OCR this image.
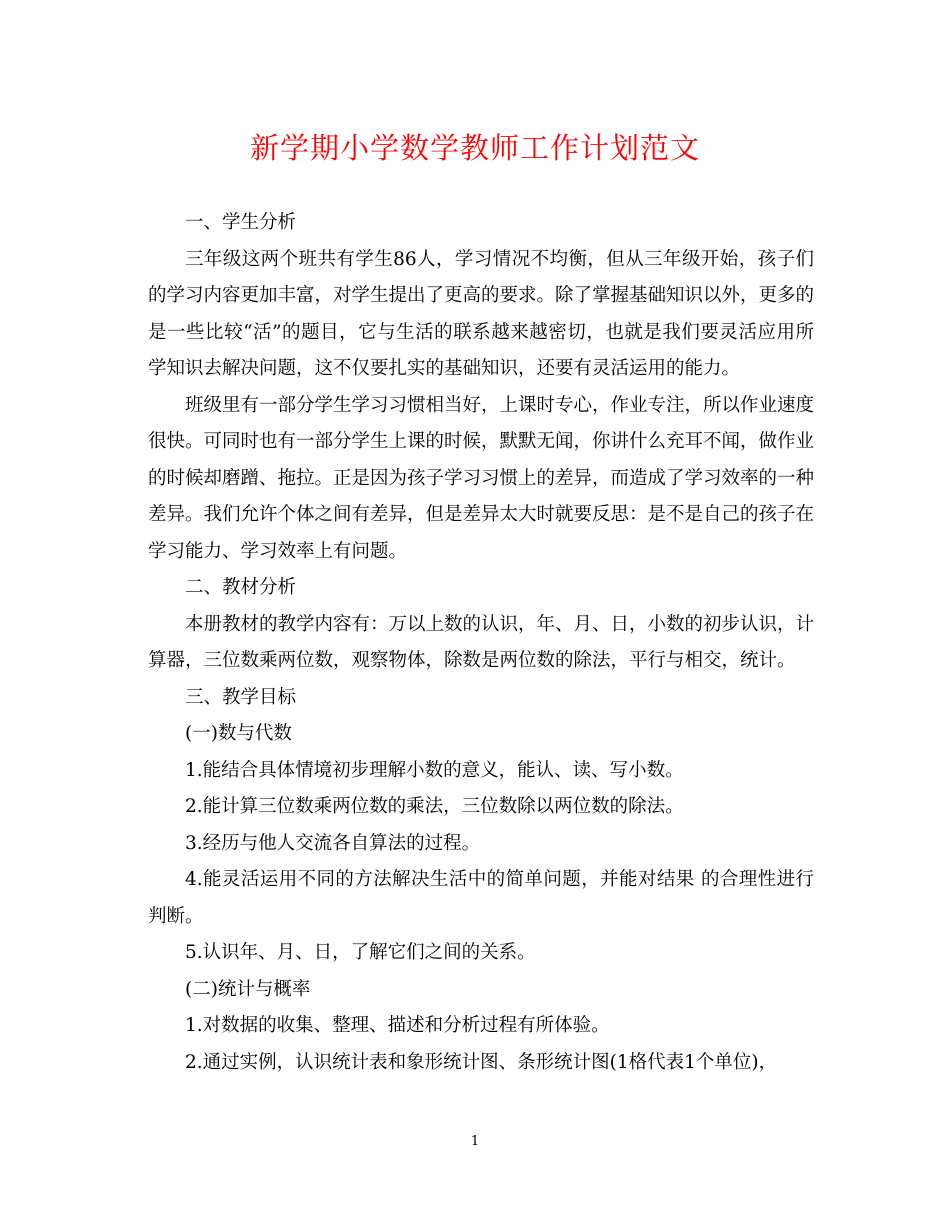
新学期小学数学教师工作计划范文

一、学生分析

三年级这两个班共有学生86人，学习情况不均衡，但从三年级开始，孩子们的学习内容更加丰富，对学生提出了更高的要求。除了掌握基础知识以外，更多的是一些比较“活”的题目，它与生活的联系越来越密切，也就是我们要灵活应用所学知识去解决问题，这不仅要扎实的基础知识，还要有灵活运用的能力。

班级里有一部分学生学习习惯相当好，上课时专心，作业专注，所以作业速度很快。可同时也有一部分学生上课的时候，默默无闻，你讲什么充耳不闻，做作业的时候却磨蹭、拖拉。正是因为孩子学习习惯上的差异，而造成了学习效率的一种差异。我们允许个体之间有差异，但是差异太大时就要反思：是不是自己的孩子在学习能力、学习效率上有问题。

二、教材分析

本册教材的教学内容有：万以上数的认识，年、月、日，小数的初步认识，计算器，三位数乘两位数，观察物体，除数是两位数的除法，平行与相交，统计。

三、教学目标

(一)数与代数

1.能结合具体情境初步理解小数的意义，能认、读、写小数。

2.能计算三位数乘两位数的乘法，三位数除以两位数的除法。

3.经历与他人交流各自算法的过程。

4.能灵活运用不同的方法解决生活中的简单问题，并能对结果 的合理性进行判断。

5.认识年、月、日，了解它们之间的关系。

(二)统计与概率

1.对数据的收集、整理、描述和分析过程有所体验。

2.通过实例，认识统计表和象形统计图、条形统计图(1格代表1个单位)，

1
